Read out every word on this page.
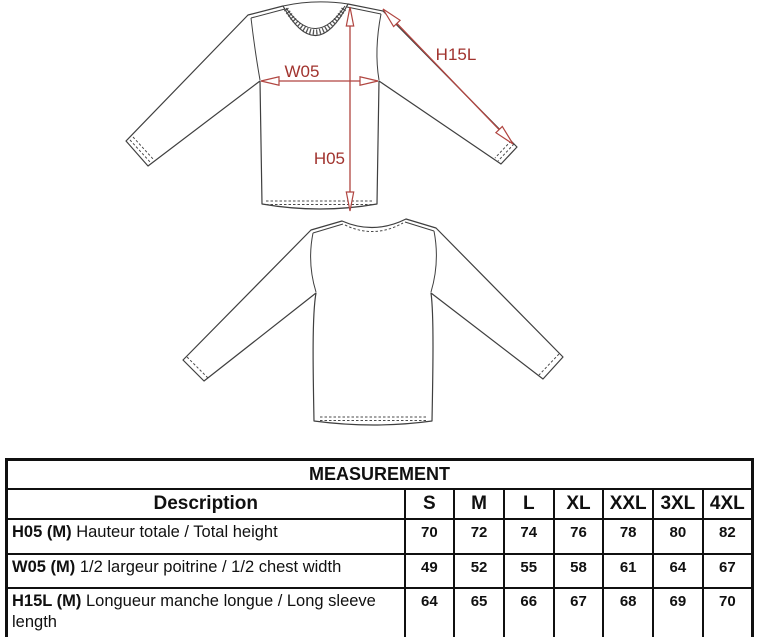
W05
H05
H15L
MEASUREMENT							
Description	S	M	L	XL	XXL	3XL	4XL
H05 (M) Hauteur totale / Total height	70	72	74	76	78	80	82
W05 (M) 1/2 largeur poitrine / 1/2 chest width	49	52	55	58	61	64	67
H15L (M) Longueur manche longue / Long sleeve length	64	65	66	67	68	69	70
